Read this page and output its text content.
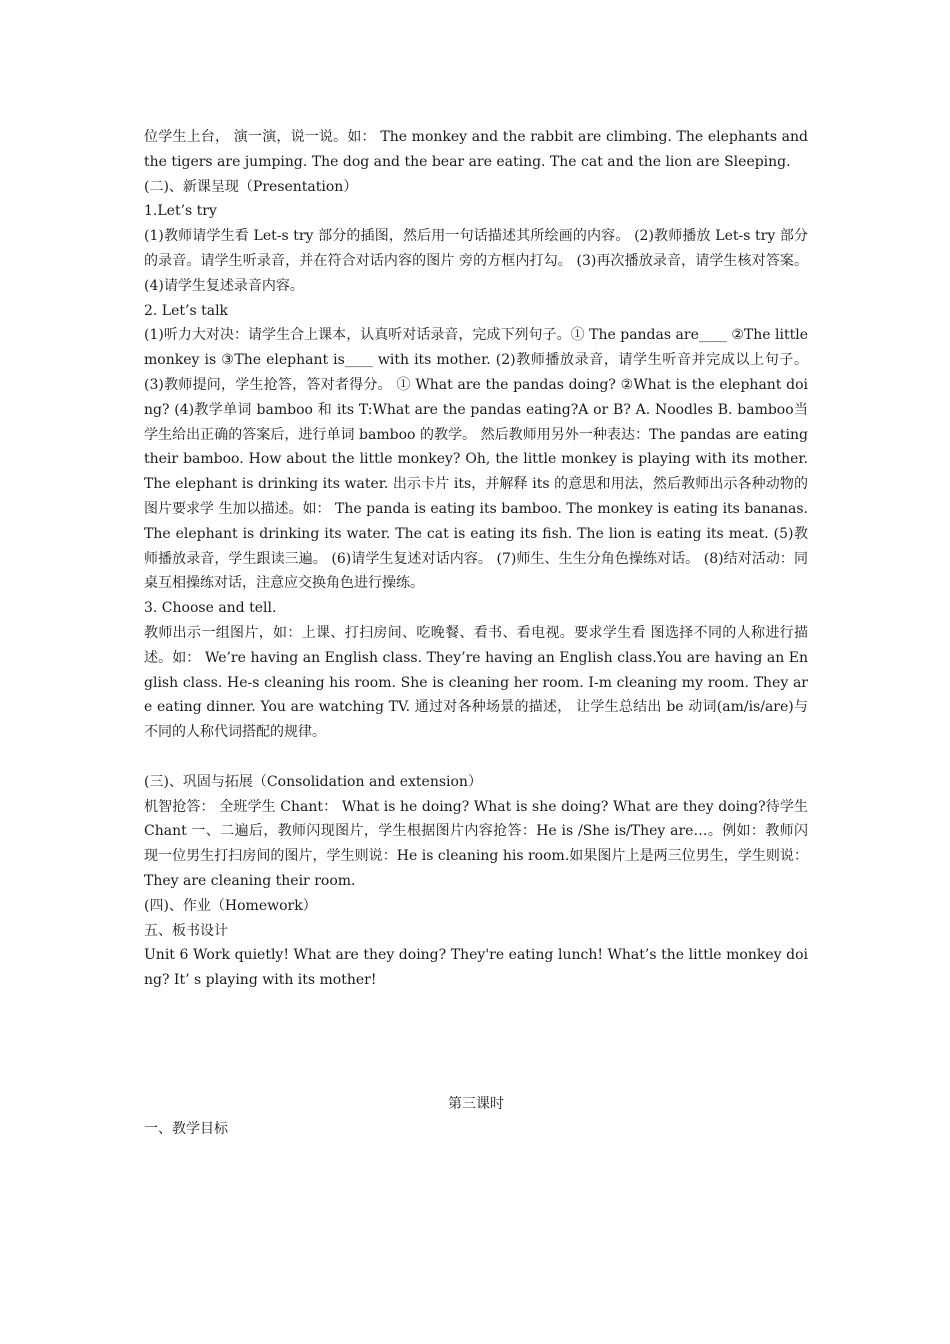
位学生上台， 演一演，说一说。如： The monkey and the rabbit are climbing. The elephants and the tigers are jumping. The dog and the bear are eating. The cat and the lion are Sleeping.

(二)、新课呈现（Presentation）

1.Let’s try

(1)教师请学生看 Let-s try 部分的插图，然后用一句话描述其所绘画的内容。 (2)教师播放 Let-s try 部分的录音。请学生听录音，并在符合对话内容的图片 旁的方框内打勾。 (3)再次播放录音，请学生核对答案。 (4)请学生复述录音内容。

2. Let’s talk

(1)听力大对决：请学生合上课本，认真听对话录音，完成下列句子。① The pandas are____ ②The little monkey is ③The elephant is____ with its mother. (2)教师播放录音，请学生听音并完成以上句子。 (3)教师提问，学生抢答，答对者得分。 ① What are the pandas doing? ②What is the elephant doing? (4)教学单词 bamboo 和 its T:What are the pandas eating?A or B? A. Noodles B. bamboo当学生给出正确的答案后，进行单词 bamboo 的教学。 然后教师用另外一种表达：The pandas are eating their bamboo. How about the little monkey? Oh, the little monkey is playing with its mother. The elephant is drinking its water. 出示卡片 its，并解释 its 的意思和用法，然后教师出示各种动物的图片要求学 生加以描述。如： The panda is eating its bamboo. The monkey is eating its bananas. The elephant is drinking its water. The cat is eating its fish. The lion is eating its meat. (5)教师播放录音，学生跟读三遍。 (6)请学生复述对话内容。 (7)师生、生生分角色操练对话。 (8)结对活动：同桌互相操练对话，注意应交换角色进行操练。

3. Choose and tell.

教师出示一组图片，如：上课、打扫房间、吃晚餐、看书、看电视。要求学生看 图选择不同的人称进行描述。如： We’re having an English class. They’re having an English class.You are having an English class. He-s cleaning his room. She is cleaning her room. I-m cleaning my room. They are eating dinner. You are watching TV. 通过对各种场景的描述， 让学生总结出 be 动词(am/is/are)与不同的人称代词搭配的规律。

(三)、巩固与拓展（Consolidation and extension）

机智抢答： 全班学生 Chant： What is he doing? What is she doing? What are they doing?待学生 Chant 一、二遍后，教师闪现图片，学生根据图片内容抢答：He is /She is/They are…。例如：教师闪现一位男生打扫房间的图片，学生则说：He is cleaning his room.如果图片上是两三位男生，学生则说：They are cleaning their room.

(四)、作业（Homework）

五、板书设计

Unit 6 Work quietly! What are they doing? They're eating lunch! What’s the little monkey doing? It’ s playing with its mother!

第三课时

一、教学目标
